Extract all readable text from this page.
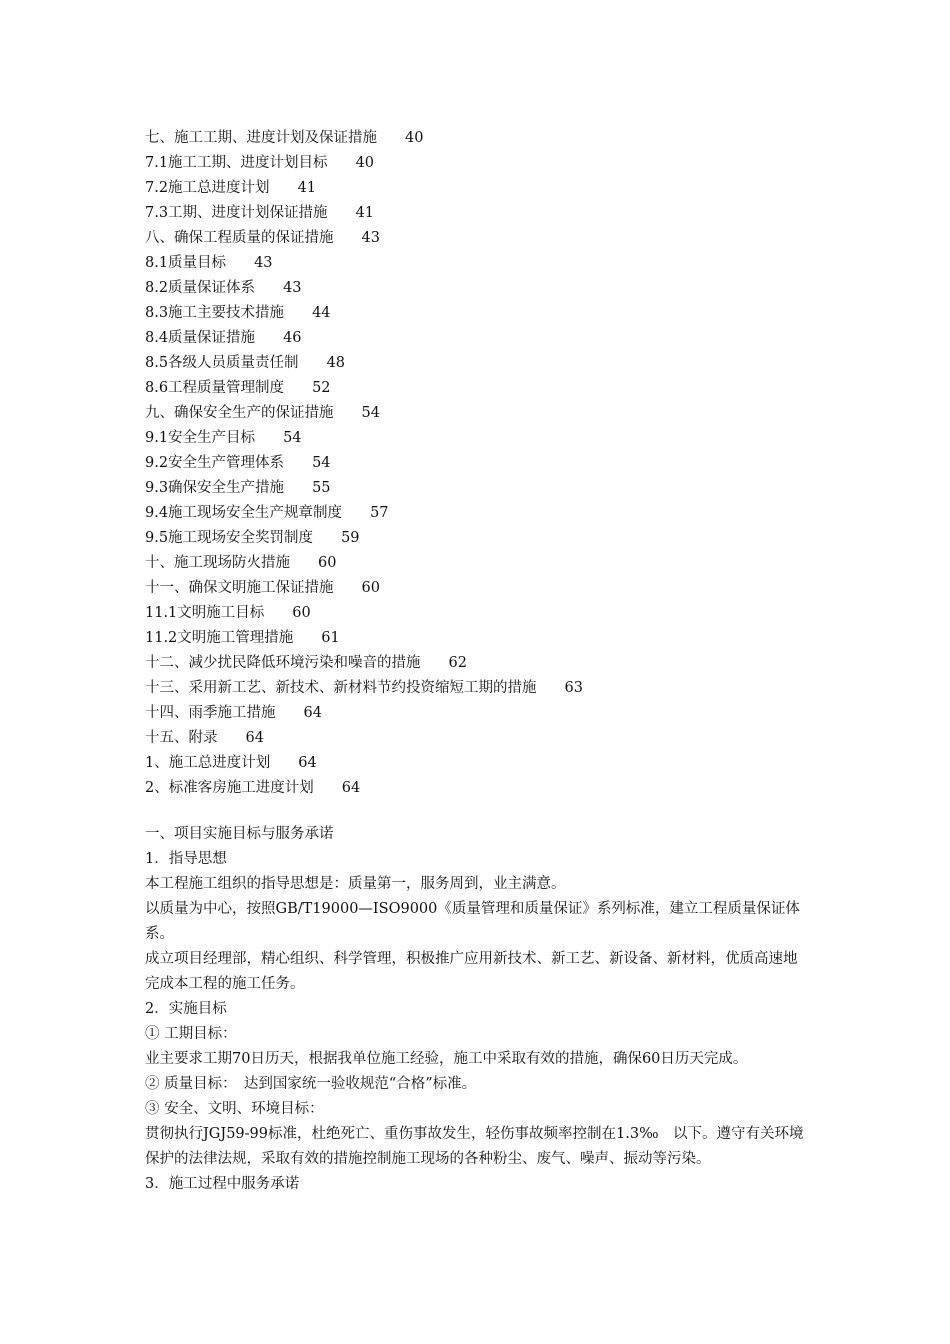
七、施工工期、进度计划及保证措施 40
7.1施工工期、进度计划目标 40
7.2施工总进度计划 41
7.3工期、进度计划保证措施 41
八、确保工程质量的保证措施 43
8.1质量目标 43
8.2质量保证体系 43
8.3施工主要技术措施 44
8.4质量保证措施 46
8.5各级人员质量责任制 48
8.6工程质量管理制度 52
九、确保安全生产的保证措施 54
9.1安全生产目标 54
9.2安全生产管理体系 54
9.3确保安全生产措施 55
9.4施工现场安全生产规章制度 57
9.5施工现场安全奖罚制度 59
十、施工现场防火措施 60
十一、确保文明施工保证措施 60
11.1文明施工目标 60
11.2文明施工管理措施 61
十二、减少扰民降低环境污染和噪音的措施 62
十三、采用新工艺、新技术、新材料节约投资缩短工期的措施 63
十四、雨季施工措施 64
十五、附录 64
1、施工总进度计划 64
2、标准客房施工进度计划 64

一、项目实施目标与服务承诺

1．指导思想

本工程施工组织的指导思想是：质量第一，服务周到，业主满意。

以质量为中心，按照GB/T19000—ISO9000《质量管理和质量保证》系列标准，建立工程质量保证体系。

成立项目经理部，精心组织、科学管理，积极推广应用新技术、新工艺、新设备、新材料，优质高速地完成本工程的施工任务。

2．实施目标

① 工期目标：

业主要求工期70日历天，根据我单位施工经验，施工中采取有效的措施，确保60日历天完成。

② 质量目标：　达到国家统一验收规范“合格”标准。

③ 安全、文明、环境目标：

贯彻执行JGJ59-99标准，杜绝死亡、重伤事故发生，轻伤事故频率控制在1.3‰　以下。遵守有关环境保护的法律法规，采取有效的措施控制施工现场的各种粉尘、废气、噪声、振动等污染。

3．施工过程中服务承诺
